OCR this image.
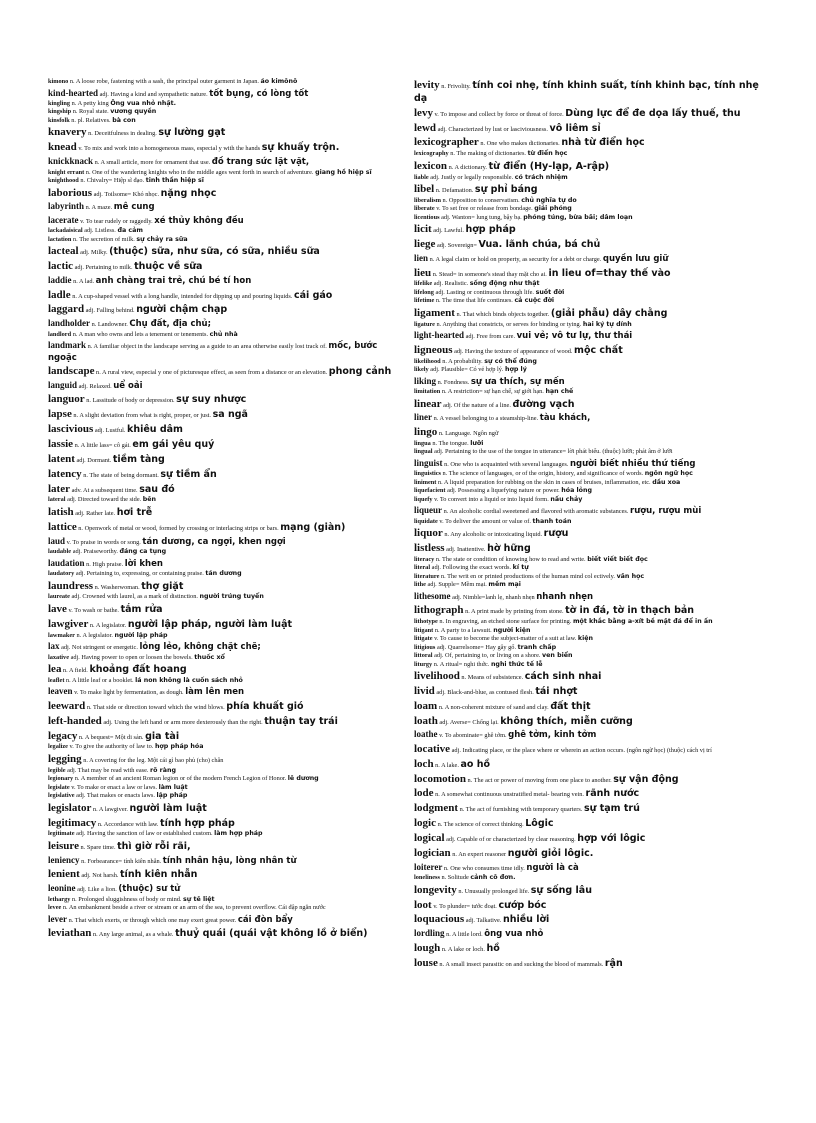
kimono n. A loose robe, fastening with a sash, the principal outer garment in Japan. áo kimônô

kind-hearted adj. Having a kind and sympathetic nature. tốt bụng, có lòng tốt

kingling n. A petty king Ông vua nhỏ nhặt.

kingship n. Royal state. vương quyền

kinsfolk n. pl. Relatives. bà con

knavery n. Deceitfulness in dealing. sự lường gạt

knead v. To mix and work into a homogeneous mass, especial y with the hands sự khuấy trộn.

knickknack n. A small article, more for ornament that use. đồ trang sức lặt vặt,

knight errant n. One of the wandering knights who in the middle ages went forth in search of adventure. giang hồ hiệp sĩ

knighthood n. Chivalry= Hiệp sĩ đạo. tinh thần hiệp sĩ

laborious adj. Toilsome= Khó nhọc. nặng nhọc

labyrinth n. A maze. mê cung

lacerate v. To tear rudely or raggedly. xé thủy không đều

lackadaisical adj. Listless. đa cảm

lactation n. The secretion of milk. sự chảy ra sữa

lacteal adj. Milky. (thuộc) sữa, như sữa, có sữa, nhiều sữa

lactic adj. Pertaining to milk. thuộc về sữa

laddie n. A lad. anh chàng trai trẻ, chú bé tí hon

ladle n. A cup-shaped vessel with a long handle, intended for dipping up and pouring liquids. cái gáo

laggard adj. Falling behind. người chậm chạp

landholder n. Landowner. Chụ đất, địa chủ;

landlord n. A man who owns and lets a tenement or tenements. chủ nhà

landmark n. A familiar object in the landscape serving as a guide to an area otherwise easily lost track of. mốc, bước ngoặc

landscape n. A rural view, especial y one of picturesque effect, as seen from a distance or an elevation. phong cảnh

languid adj. Relaxed. uể oải

languor n. Lassitude of body or depression. sự suy nhược

lapse n. A slight deviation from what is right, proper, or just. sa ngã

lascivious adj. Lustful. khiêu dâm

lassie n. A little lass= cô gái. em gái yêu quý

latent adj. Dormant. tiềm tàng

latency n. The state of being dormant. sự tiềm ẩn

later adv. At a subsequent time. sau đó

lateral adj. Directed toward the side. bên

latish adj. Rather late. hơi trễ

lattice n. Openwork of metal or wood, formed by crossing or interlacing strips or bars. mạng (giàn)

laud v. To praise in words or song. tán dương, ca ngợi, khen ngợi

laudable adj. Praiseworthy. đáng ca tụng

laudation n. High praise. lời khen

laudatory adj. Pertaining to, expressing, or containing praise. tán dương

laundress n. Washerwoman. thợ giặt

laureate adj. Crowned with laurel, as a mark of distinction. người trúng tuyển

lave v. To wash or bathe. tắm rửa

lawgiver n. A legislator. người lập pháp, người làm luật

lawmaker n. A legislator. người lập pháp

lax adj. Not stringent or energetic. lỏng lẻo, không chặt chẽ;

laxative adj. Having power to open or loosen the bowels. thuốc xổ

lea n. A field. khoảng đất hoang

leaflet n. A little leaf or a booklet. lá non không là cuốn sách nhỏ

leaven v. To make light by fermentation, as dough. làm lên men

leeward n. That side or direction toward which the wind blows. phía khuất gió

left-handed adj. Using the left hand or arm more dexterously than the right. thuận tay trái

legacy n. A bequest= Một di sản. gia tài

legalize v. To give the authority of law to. hợp pháp hóa

legging n. A covering for the leg. Một cái gì bao phủ (cho) chân

legible adj. That may be read with ease. rõ ràng

legionary n. A member of an ancient Roman legion or of the modern French Legion of Honor. lê dương

legislate v. To make or enact a law or laws. làm luật

legislative adj. That makes or enacts laws. lập pháp

legislator n. A lawgiver. người làm luật

legitimacy n. Accordance with law. tính hợp pháp

legitimate adj. Having the sanction of law or established custom. làm hợp pháp

leisure n. Spare time. thì giờ rỗi rãi,

leniency n. Forbearance= tính kiên nhẫn. tính nhân hậu, lòng nhân từ

lenient adj. Not harsh. tính kiên nhẫn

leonine adj. Like a lion. (thuộc) sư tử

lethargy n. Prolonged sluggishness of body or mind. sự tê liệt

levee n. An embankment beside a river or stream or an arm of the sea, to prevent overflow. Cái đập ngăn nước

lever n. That which exerts, or through which one may exert great power. cái đòn bẩy

leviathan n. Any large animal, as a whale. thuỷ quái (quái vật không lồ ở biển)

levity n. Frivolity. tính coi nhẹ, tính khinh suất, tính khinh bạc, tính nhẹ dạ

levy v. To impose and collect by force or threat of force. Dùng lực để đe dọa lấy thuế, thu

lewd adj. Characterized by lust or lasciviousness. vô liêm sỉ

lexicographer n. One who makes dictionaries. nhà từ điển học

lexicography n. The making of dictionaries. từ điển học

lexicon n. A dictionary. từ điển (Hy-lạp, A-rập)

liable adj. Justly or legally responsible. có trách nhiệm

libel n. Defamation. sự phỉ báng

liberalism n. Opposition to conservatism. chủ nghĩa tự do

liberate v. To set free or release from bondage. giải phóng

licentious adj. Wanton= lung tung, bậy bạ. phóng túng, bừa bãi; dâm loạn

licit adj. Lawful. hợp pháp

liege adj. Sovereign= Vua. lãnh chúa, bá chủ

lien n. A legal claim or hold on property, as security for a debt or charge. quyền lưu giữ

lieu n. Stead= in someone's stead thay mặt cho ai. in lieu of=thay thế vào

lifelike adj. Realistic. sống động như thật

lifelong adj. Lasting or continuous through life. suốt đời

lifetime n. The time that life continues. cả cuộc đời

ligament n. That which binds objects together. (giải phẫu) dây chằng

ligature n. Anything that constricts, or serves for binding or tying. hai ký tự dính

light-hearted adj. Free from care. vui vẻ; vô tư lự, thư thái

ligneous adj. Having the texture of appearance of wood. mộc chất

likelihood n. A probability. sự có thể đúng

likely adj. Plausible= Có vẻ hợp lý. hợp lý

liking n. Fondness. sự ưa thích, sự mến

limitation n. A restriction= sự hạn chế, sự giới hạn. hạn chế

linear adj. Of the nature of a line. đường vạch

liner n. A vessel belonging to a steamship-line. tàu khách,

lingo n. Language. Ngôn ngữ

lingua n. The tongue. lưỡi

lingual adj. Pertaining to the use of the tongue in utterance= lời phát biểu. (thuộc) lưỡi; phát âm ở lưỡi

linguist n. One who is acquainted with several languages. người biết nhiều thứ tiếng

linguistics n. The science of languages, or of the origin, history, and significance of words. ngôn ngữ học

liniment n. A liquid preparation for rubbing on the skin in cases of bruises, inflammation, etc. dầu xoa

liquefacient adj. Possessing a liquefying nature or power. hóa lỏng

liquefy v. To convert into a liquid or into liquid form. nấu chảy

liqueur n. An alcoholic cordial sweetened and flavored with aromatic substances. rượu, rượu mùi

liquidate v. To deliver the amount or value of. thanh toán

liquor n. Any alcoholic or intoxicating liquid. rượu

listless adj. Inattentive. hờ hững

literacy n. The state or condition of knowing how to read and write. biết viết biết đọc

literal adj. Following the exact words. kí tự

literature n. The writ en or printed productions of the human mind col ectively. văn học

lithe adj. Supple= Mềm mại. mềm mại

lithesome adj. Nimble=lanh lẹ, nhanh nhẹn nhanh nhẹn

lithograph n. A print made by printing from stone. tờ in đá, tờ in thạch bản

lithotype n. In engraving, an etched stone surface for printing. một khắc bằng a-xít bề mặt đá để in ấn

litigant n. A party to a lawsuit. người kiện

litigate v. To cause to become the subject-matter of a suit at law. kiện

litigious adj. Quarrelsome= Hay gây gổ. tranh chấp

littoral adj. Of, pertaining to, or living on a shore. ven biển

liturgy n. A ritual= nghi thức. nghi thức tế lễ

livelihood n. Means of subsistence. cách sinh nhai

livid adj. Black-and-blue, as contused flesh. tái nhợt

loam n. A non-coherent mixture of sand and clay. đất thịt

loath adj. Averse= Chống lại. không thích, miễn cưỡng

loathe v. To abominate= ghê tởm. ghê tởm, kinh tởm

locative adj. Indicating place, or the place where or wherein an action occurs. (ngôn ngữ học) (thuộc) cách vị trí

loch n. A lake. ao hồ

locomotion n. The act or power of moving from one place to another. sự vận động

lode n. A somewhat continuous unstratified metal- bearing vein. rãnh nước

lodgment n. The act of furnishing with temporary quarters. sự tạm trú

logic n. The science of correct thinking. Lôgic

logical adj. Capable of or characterized by clear reasoning. hợp với lôgic

logician n. An expert reasoner người giỏi lôgic.

loiterer n. One who consumes time idly. người là cà

loneliness n. Solitude cảnh cô đơn.

longevity n. Unusually prolonged life. sự sống lâu

loot v. To plunder= tước đoạt. cướp bóc

loquacious adj. Talkative. nhiều lời

lordling n. A little lord. ông vua nhỏ

lough n. A lake or loch. hồ

louse n. A small insect parasitic on and sucking the blood of mammals. rận
